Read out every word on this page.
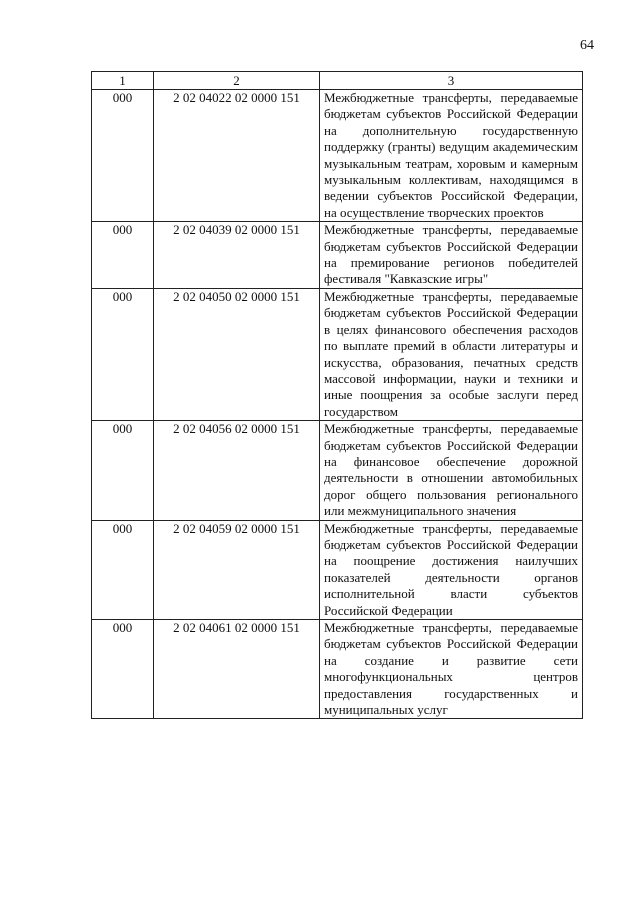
64
1	2	3
000	2 02 04022 02 0000 151	Межбюджетные трансферты, передаваемые бюджетам субъектов Российской Федерации на дополнительную государственную поддержку (гранты) ведущим академическим музыкальным театрам, хоровым и камерным музыкальным коллективам, находящимся в ведении субъектов Российской Федерации, на осуществление творческих проектов
000	2 02 04039 02 0000 151	Межбюджетные трансферты, передаваемые бюджетам субъектов Российской Федерации на премирование регионов победителей фестиваля "Кавказские игры"
000	2 02 04050 02 0000 151	Межбюджетные трансферты, передаваемые бюджетам субъектов Российской Федерации в целях финансового обеспечения расходов по выплате премий в области литературы и искусства, образования, печатных средств массовой информации, науки и техники и иные поощрения за особые заслуги перед государством
000	2 02 04056 02 0000 151	Межбюджетные трансферты, передаваемые бюджетам субъектов Российской Федерации на финансовое обеспечение дорожной деятельности в отношении автомобильных дорог общего пользования регионального или межмуниципального значения
000	2 02 04059 02 0000 151	Межбюджетные трансферты, передаваемые бюджетам субъектов Российской Федерации на поощрение достижения наилучших показателей деятельности органов исполнительной власти субъектов Российской Федерации
000	2 02 04061 02 0000 151	Межбюджетные трансферты, передаваемые бюджетам субъектов Российской Федерации на создание и развитие сети многофункциональных центров предоставления государственных и муниципальных услуг
